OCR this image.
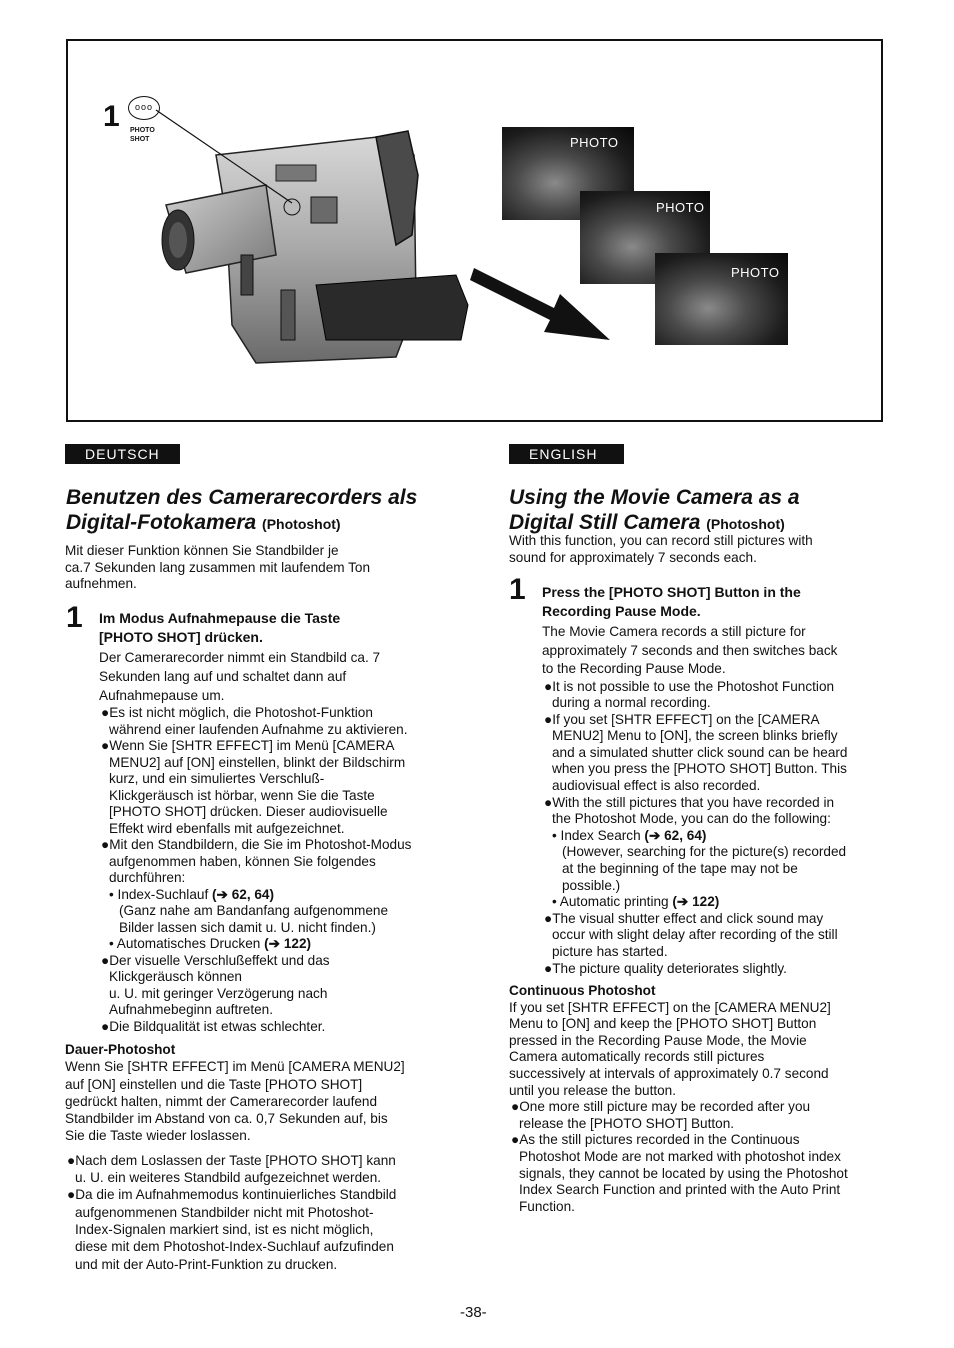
1	ooo
PHOTO SHOT	PHOTO
PHOTO
PHOTO
DEUTSCH
Benutzen des Camerarecorders als
Digital-Fotokamera (Photoshot)

Mit dieser Funktion können Sie Standbilder je

ca.7 Sekunden lang zusammen mit laufendem Ton

aufnehmen.

1 Im Modus Aufnahmepause die Taste
[PHOTO SHOT] drücken.

Der Camerarecorder nimmt ein Standbild ca. 7

Sekunden lang auf und schaltet dann auf

Aufnahmepause um.

●Es ist nicht möglich, die Photoshot-Funktion

während einer laufenden Aufnahme zu aktivieren.

●Wenn Sie [SHTR EFFECT] im Menü [CAMERA

MENU2] auf [ON] einstellen, blinkt der Bildschirm

kurz, und ein simuliertes Verschluß-

Klickgeräusch ist hörbar, wenn Sie die Taste

[PHOTO SHOT] drücken. Dieser audiovisuelle

Effekt wird ebenfalls mit aufgezeichnet.

●Mit den Standbildern, die Sie im Photoshot-Modus

aufgenommen haben, können Sie folgendes

durchführen:

• Index-Suchlauf (➔ 62, 64)

(Ganz nahe am Bandanfang aufgenommene

Bilder lassen sich damit u. U. nicht finden.)

• Automatisches Drucken (➔ 122)

●Der visuelle Verschlußeffekt und das

Klickgeräusch können

u. U. mit geringer Verzögerung nach

Aufnahmebeginn auftreten.

●Die Bildqualität ist etwas schlechter.

Dauer-Photoshot

Wenn Sie [SHTR EFFECT] im Menü [CAMERA MENU2]

auf [ON] einstellen und die Taste [PHOTO SHOT]

gedrückt halten, nimmt der Camerarecorder laufend

Standbilder im Abstand von ca. 0,7 Sekunden auf, bis

Sie die Taste wieder loslassen.

●Nach dem Loslassen der Taste [PHOTO SHOT] kann

u. U. ein weiteres Standbild aufgezeichnet werden.

●Da die im Aufnahmemodus kontinuierliches Standbild

aufgenommenen Standbilder nicht mit Photoshot-

Index-Signalen markiert sind, ist es nicht möglich,

diese mit dem Photoshot-Index-Suchlauf aufzufinden

und mit der Auto-Print-Funktion zu drucken.

ENGLISH
Using the Movie Camera as a
Digital Still Camera (Photoshot)

With this function, you can record still pictures with

sound for approximately 7 seconds each.

1 Press the [PHOTO SHOT] Button in the
Recording Pause Mode.

The Movie Camera records a still picture for

approximately 7 seconds and then switches back

to the Recording Pause Mode.

●It is not possible to use the Photoshot Function

during a normal recording.

●If you set [SHTR EFFECT] on the [CAMERA

MENU2] Menu to [ON], the screen blinks briefly

and a simulated shutter click sound can be heard

when you press the [PHOTO SHOT] Button. This

audiovisual effect is also recorded.

●With the still pictures that you have recorded in

the Photoshot Mode, you can do the following:

• Index Search (➔ 62, 64)

(However, searching for the picture(s) recorded

at the beginning of the tape may not be

possible.)

• Automatic printing (➔ 122)

●The visual shutter effect and click sound may

occur with slight delay after recording of the still

picture has started.

●The picture quality deteriorates slightly.

Continuous Photoshot

If you set [SHTR EFFECT] on the [CAMERA MENU2]

Menu to [ON] and keep the [PHOTO SHOT] Button

pressed in the Recording Pause Mode, the Movie

Camera automatically records still pictures

successively at intervals of approximately 0.7 second

until you release the button.

●One more still picture may be recorded after you

release the [PHOTO SHOT] Button.

●As the still pictures recorded in the Continuous

Photoshot Mode are not marked with photoshot index

signals, they cannot be located by using the Photoshot

Index Search Function and printed with the Auto Print

Function.

-38-
